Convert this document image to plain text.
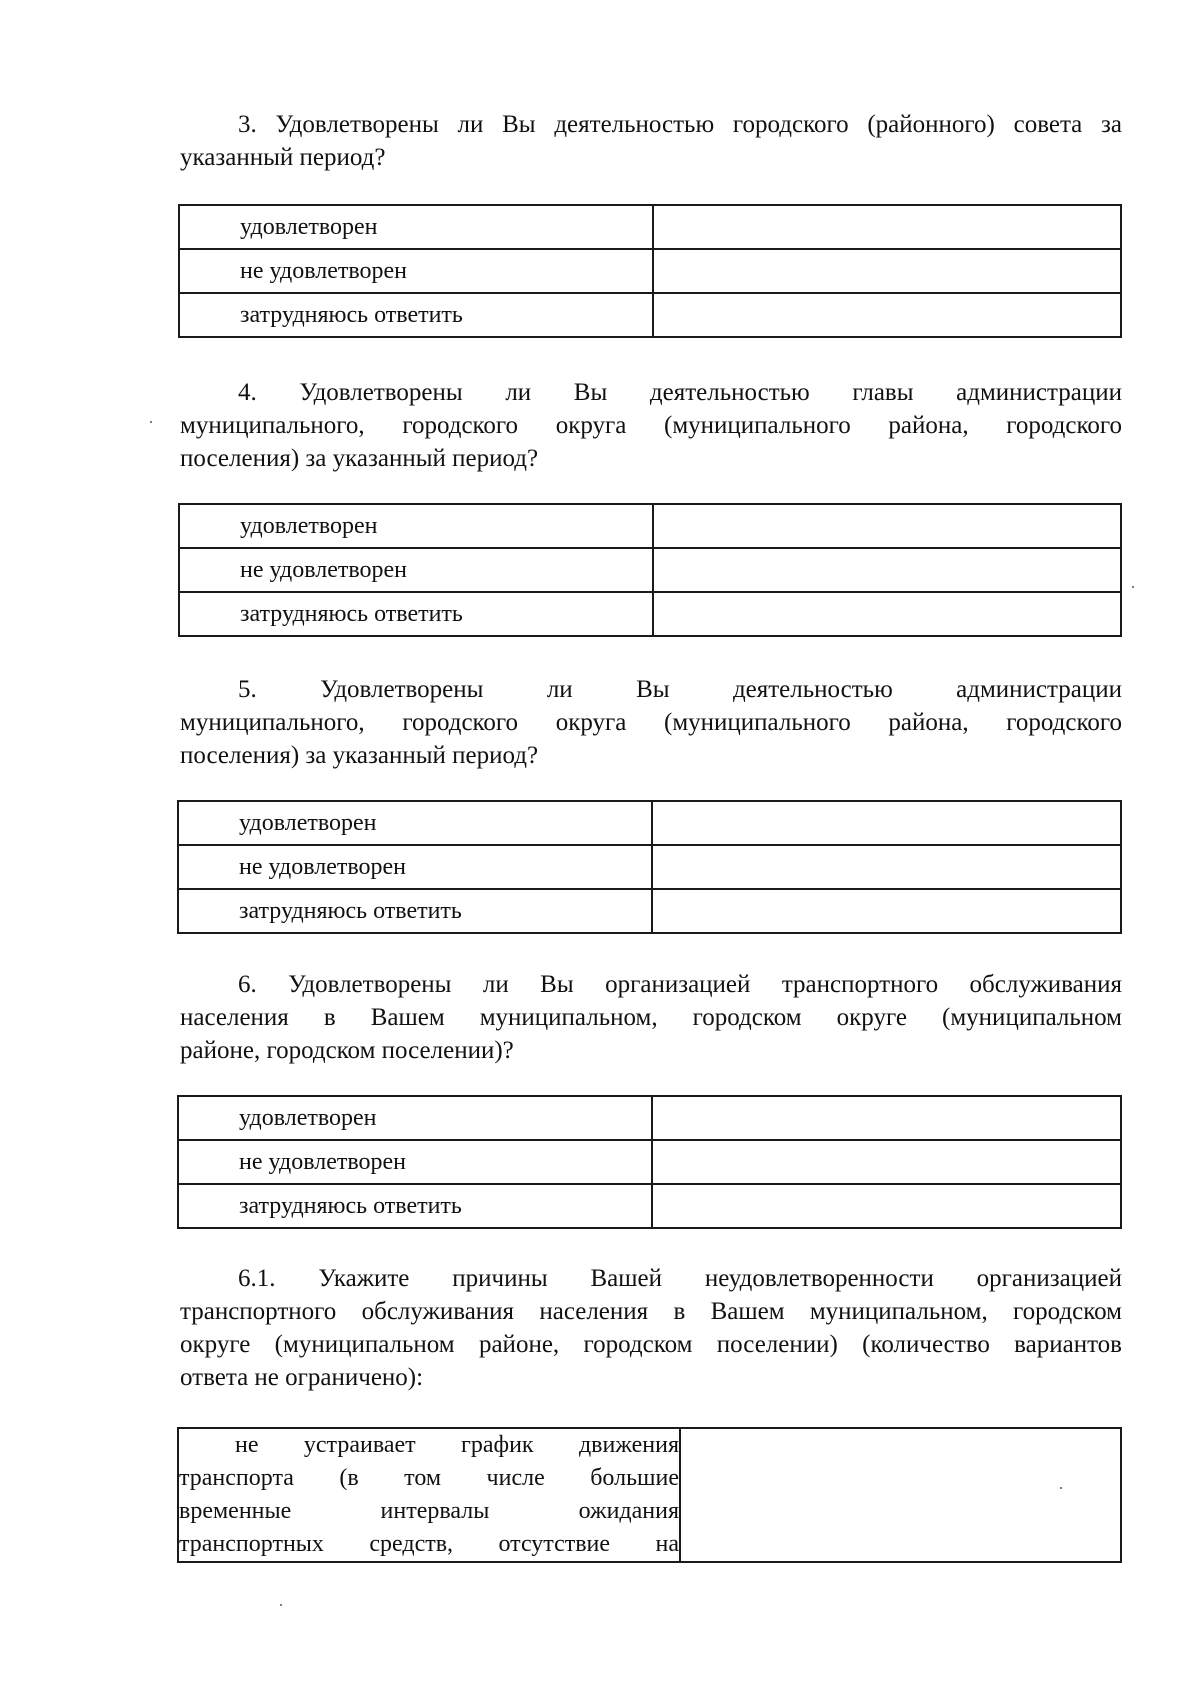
3. Удовлетворены ли Вы деятельностью городского (районного) совета за
указанный период?
удовлетворен	
не удовлетворен	
затрудняюсь ответить	
4. Удовлетворены ли Вы деятельностью главы администрации
муниципального, городского округа (муниципального района, городского
поселения) за указанный период?
удовлетворен	
не удовлетворен	
затрудняюсь ответить	
5. Удовлетворены ли Вы деятельностью администрации
муниципального, городского округа (муниципального района, городского
поселения) за указанный период?
удовлетворен	
не удовлетворен	
затрудняюсь ответить	
6. Удовлетворены ли Вы организацией транспортного обслуживания
населения в Вашем муниципальном, городском округе (муниципальном
районе, городском поселении)?
удовлетворен	
не удовлетворен	
затрудняюсь ответить	
6.1. Укажите причины Вашей неудовлетворенности организацией
транспортного обслуживания населения в Вашем муниципальном, городском
округе (муниципальном районе, городском поселении) (количество вариантов
ответа не ограничено):
не устраивает график движения
транспорта (в том числе большие
временные интервалы ожидания
транспортных средств, отсутствие на
